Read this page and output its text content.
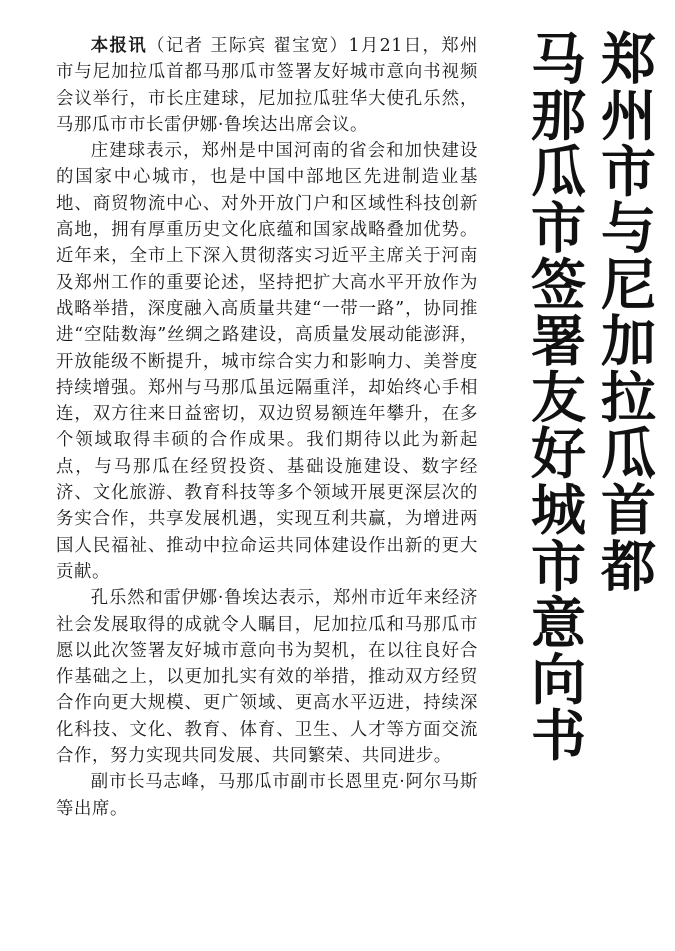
郑州市与尼加拉瓜首都
马那瓜市签署友好城市意向书

本报讯（记者 王际宾 翟宝宽）1月21日，郑州市与尼加拉瓜首都马那瓜市签署友好城市意向书视频会议举行，市长庄建球，尼加拉瓜驻华大使孔乐然，马那瓜市市长雷伊娜·鲁埃达出席会议。

庄建球表示，郑州是中国河南的省会和加快建设的国家中心城市，也是中国中部地区先进制造业基地、商贸物流中心、对外开放门户和区域性科技创新高地，拥有厚重历史文化底蕴和国家战略叠加优势。近年来，全市上下深入贯彻落实习近平主席关于河南及郑州工作的重要论述，坚持把扩大高水平开放作为战略举措，深度融入高质量共建“一带一路”，协同推进“空陆数海”丝绸之路建设，高质量发展动能澎湃，开放能级不断提升，城市综合实力和影响力、美誉度持续增强。郑州与马那瓜虽远隔重洋，却始终心手相连，双方往来日益密切，双边贸易额连年攀升，在多个领域取得丰硕的合作成果。我们期待以此为新起点，与马那瓜在经贸投资、基础设施建设、数字经济、文化旅游、教育科技等多个领域开展更深层次的务实合作，共享发展机遇，实现互利共赢，为增进两国人民福祉、推动中拉命运共同体建设作出新的更大贡献。

孔乐然和雷伊娜·鲁埃达表示，郑州市近年来经济社会发展取得的成就令人瞩目，尼加拉瓜和马那瓜市愿以此次签署友好城市意向书为契机，在以往良好合作基础之上，以更加扎实有效的举措，推动双方经贸合作向更大规模、更广领域、更高水平迈进，持续深化科技、文化、教育、体育、卫生、人才等方面交流合作，努力实现共同发展、共同繁荣、共同进步。

副市长马志峰，马那瓜市副市长恩里克·阿尔马斯等出席。
